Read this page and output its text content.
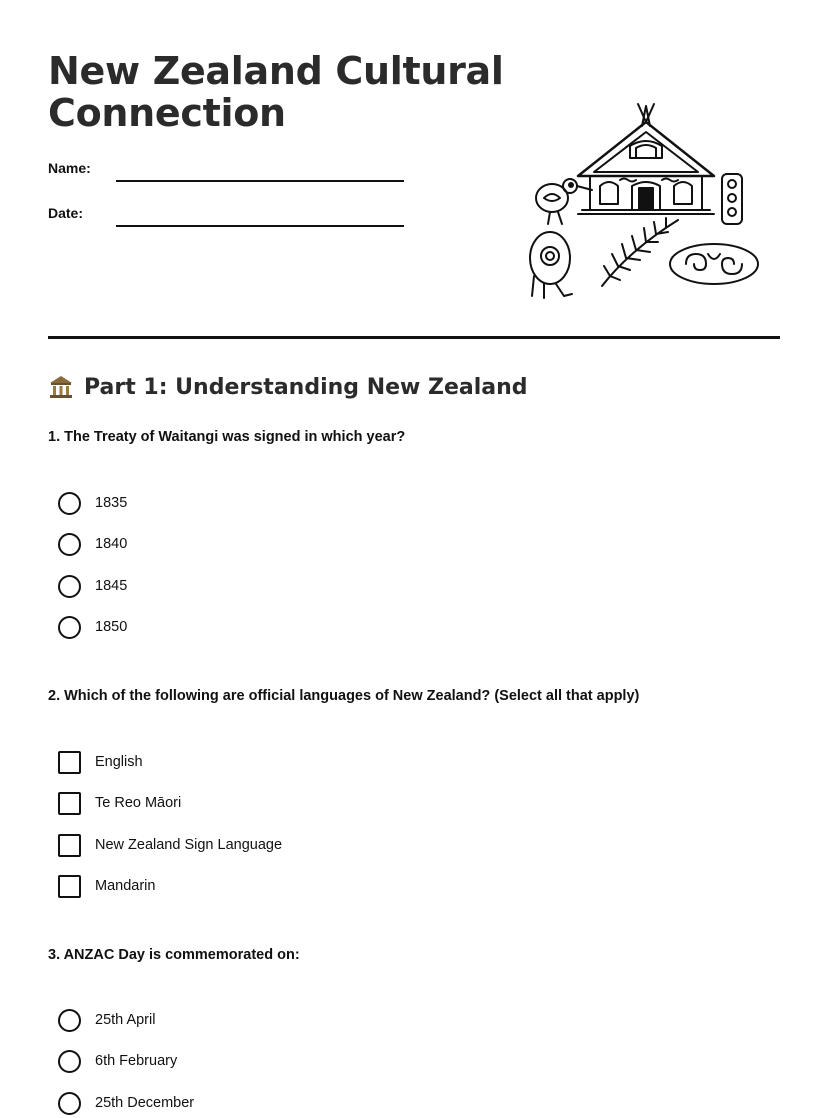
New Zealand Cultural
Connection
Name:
Date:
Part 1: Understanding New Zealand
1. The Treaty of Waitangi was signed in which year?
1835
1840
1845
1850
2. Which of the following are official languages of New Zealand? (Select all that apply)
English
Te Reo Māori
New Zealand Sign Language
Mandarin
3. ANZAC Day is commemorated on:
25th April
6th February
25th December
